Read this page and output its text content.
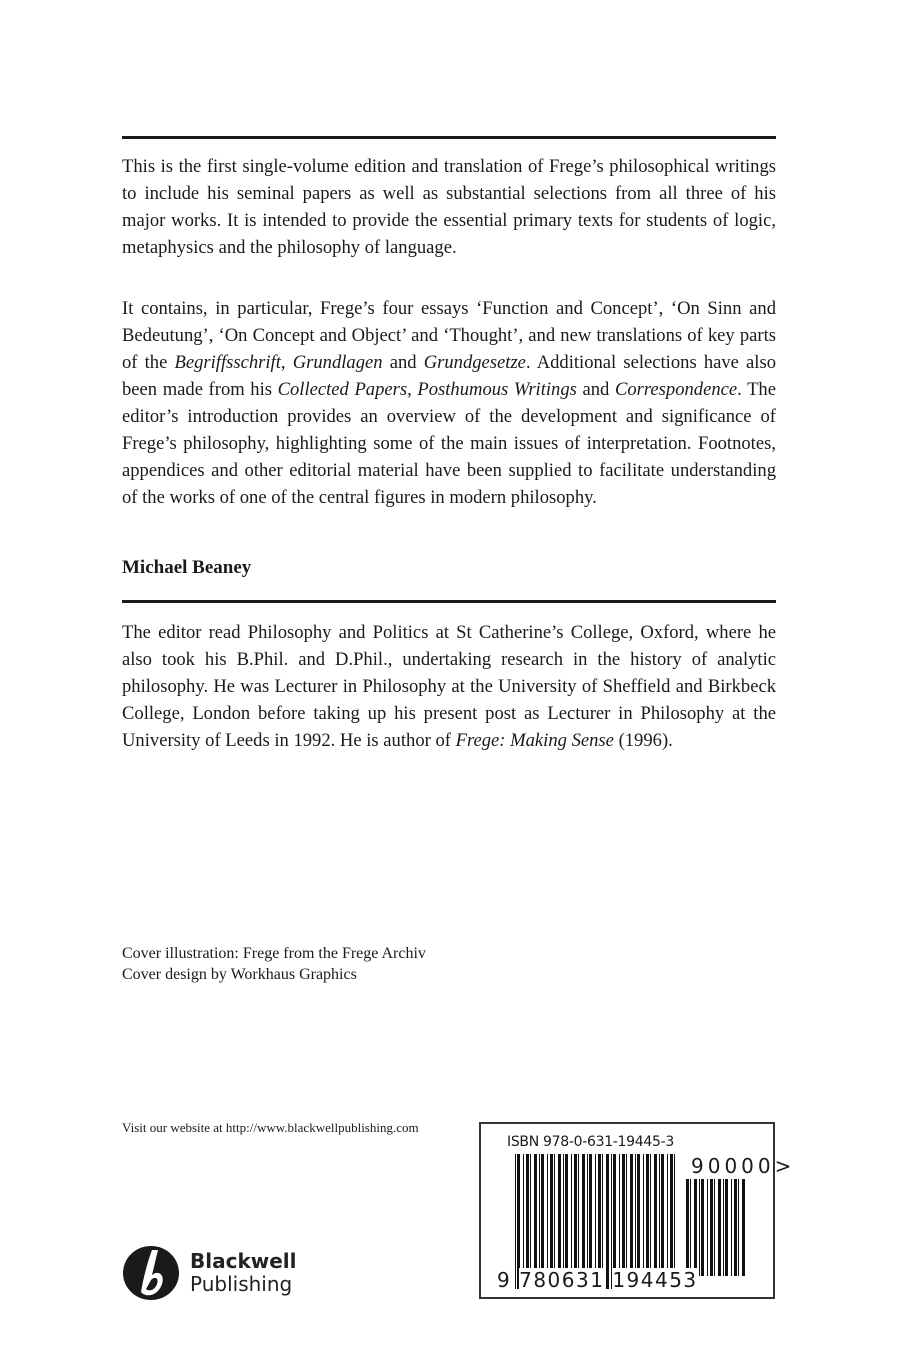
This is the first single-volume edition and translation of Frege’s philosophical writings to include his seminal papers as well as substantial selections from all three of his major works. It is intended to provide the essential primary texts for students of logic, metaphysics and the philosophy of language.

It contains, in particular, Frege’s four essays ‘Function and Concept’, ‘On Sinn and Bedeutung’, ‘On Concept and Object’ and ‘Thought’, and new translations of key parts of the Begriffsschrift, Grundlagen and Grundgesetze. Additional selections have also been made from his Collected Papers, Posthumous Writings and Correspondence. The editor’s introduction provides an overview of the development and significance of Frege’s philosophy, highlighting some of the main issues of interpretation. Footnotes, appendices and other editorial material have been supplied to facilitate understanding of the works of one of the central figures in modern philosophy.

Michael Beaney

The editor read Philosophy and Politics at St Catherine’s College, Oxford, where he also took his B.Phil. and D.Phil., undertaking research in the history of analytic philosophy. He was Lecturer in Philosophy at the University of Sheffield and Birkbeck College, London before taking up his present post as Lecturer in Philosophy at the University of Leeds in 1992. He is author of Frege: Making Sense (1996).

Cover illustration: Frege from the Frege Archiv
Cover design by Workhaus Graphics
Visit our website at http://www.blackwellpublishing.com
Blackwell
Publishing
ISBN 978-0-631-19445-3
90000>
9 780631 194453
